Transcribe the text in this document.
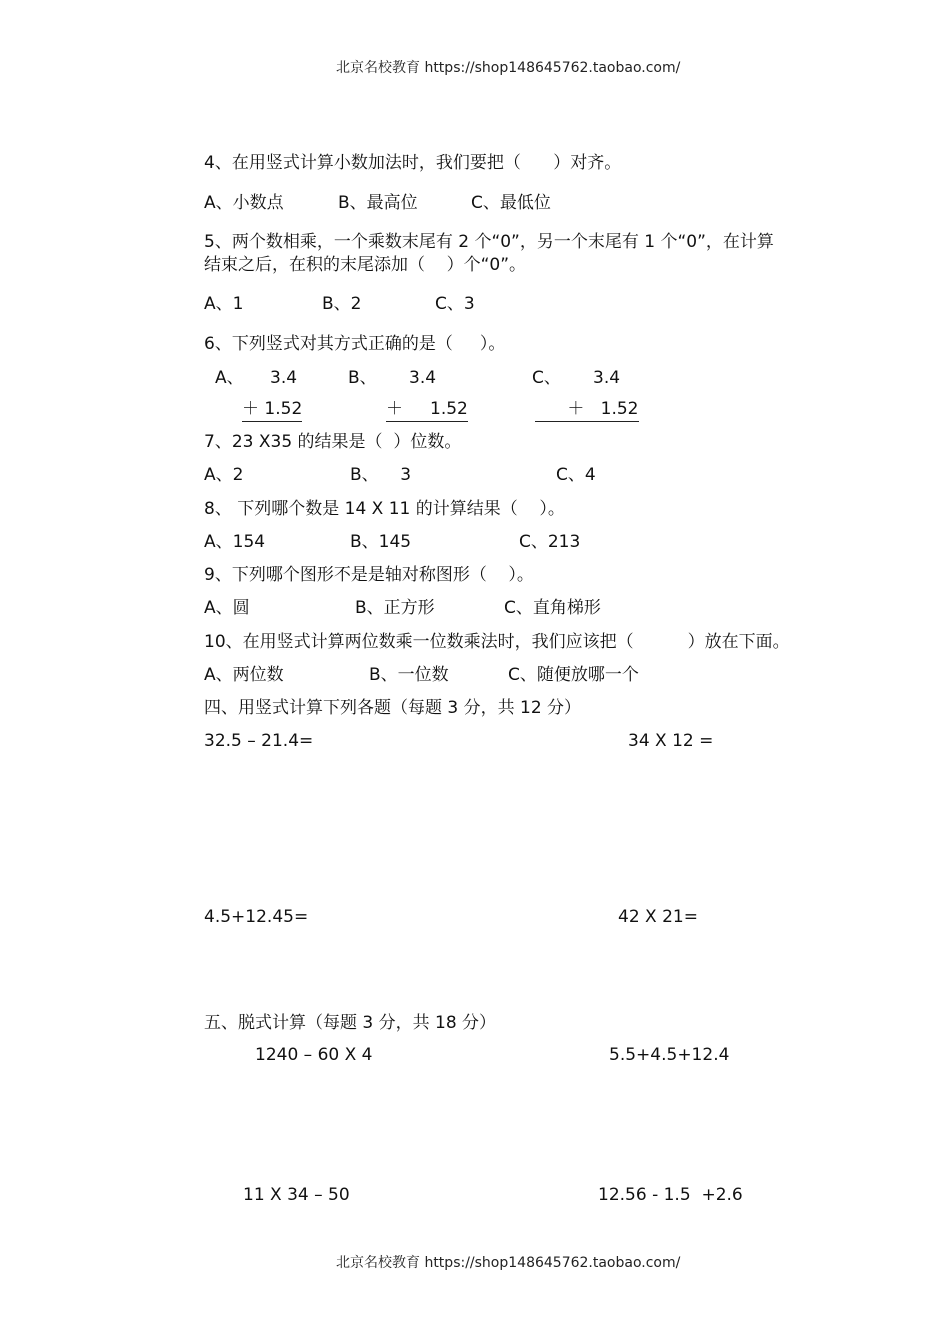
北京名校教育 https://shop148645762.taobao.com/
4、在用竖式计算小数加法时，我们要把（      ）对齐。
A、小数点	B、最高位	C、最低位
5、两个数相乘，一个乘数末尾有 2 个“0”，另一个末尾有 1 个“0”，在计算
结束之后，在积的末尾添加（    ）个“0”。
A、1	B、2	C、3
6、下列竖式对其方式正确的是（     ）。
A、 3.4
＋ 1.52
B、 3.4
＋     1.52
C、 3.4
＋   1.52
7、23 X35 的结果是（  ）位数。
A、2	B、    3	C、4
8、 下列哪个数是 14 X 11 的计算结果（    ）。
A、154	B、145	C、213
9、下列哪个图形不是是轴对称图形（    ）。
A、圆	B、正方形	C、直角梯形
10、在用竖式计算两位数乘一位数乘法时，我们应该把（          ）放在下面。
A、两位数	B、一位数	C、随便放哪一个
四、用竖式计算下列各题（每题 3 分，共 12 分）
32.5 – 21.4=	34 X 12 =
4.5+12.45=	42 X 21=
五、脱式计算（每题 3 分，共 18 分）
1240 – 60 X 4	5.5+4.5+12.4
11 X 34 – 50	12.56 - 1.5  +2.6
北京名校教育 https://shop148645762.taobao.com/
